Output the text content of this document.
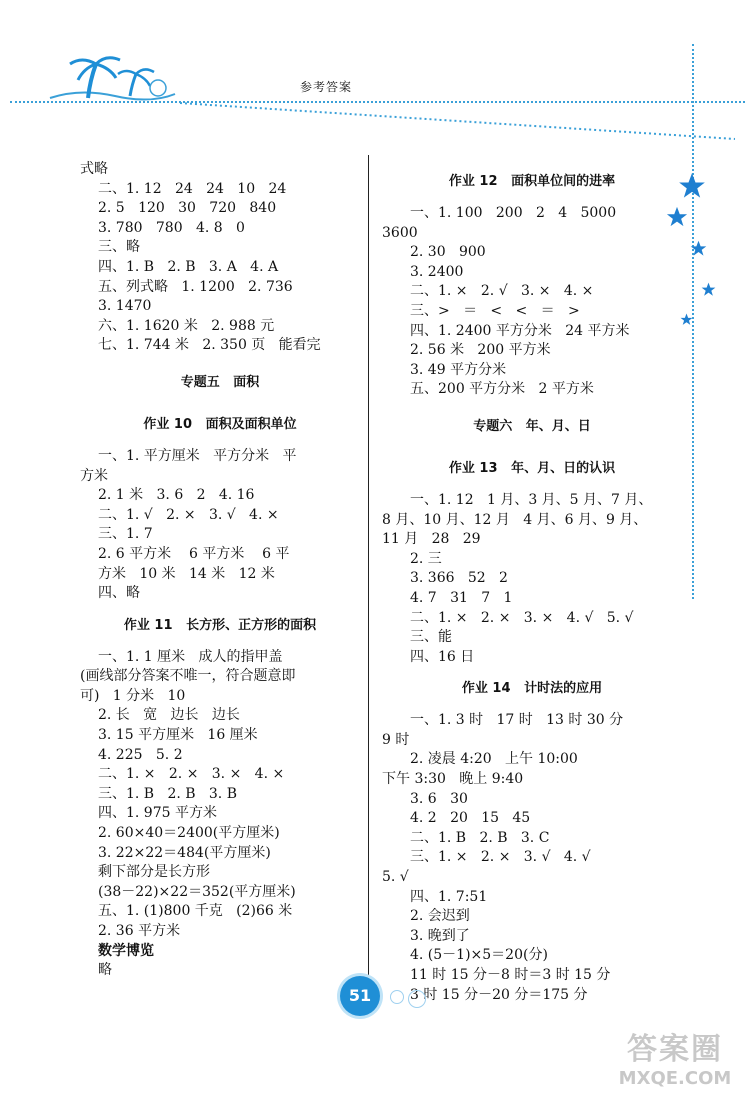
参考答案
式略
二、1. 12   24   24   10   24
2. 5   120   30   720   840
3. 780   780   4. 8   0
三、略
四、1. B   2. B   3. A   4. A
五、列式略   1. 1200   2. 736
3. 1470
六、1. 1620 米   2. 988 元
七、1. 744 米   2. 350 页   能看完
专题五   面积
作业 10   面积及面积单位
一、1. 平方厘米   平方分米   平
方米
2. 1 米   3. 6   2   4. 16
二、1. √   2. ×   3. √   4. ×
三、1. 7
2. 6 平方米    6 平方米    6 平
方米   10 米   14 米   12 米
四、略
作业 11   长方形、正方形的面积
一、1. 1 厘米   成人的指甲盖
(画线部分答案不唯一，符合题意即
可)   1 分米   10
2. 长   宽   边长   边长
3. 15 平方厘米   16 厘米
4. 225   5. 2
二、1. ×   2. ×   3. ×   4. ×
三、1. B   2. B   3. B
四、1. 975 平方米
2. 60×40＝2400(平方厘米)
3. 22×22＝484(平方厘米)
剩下部分是长方形
(38－22)×22＝352(平方厘米)
五、1. (1)800 千克   (2)66 米
2. 36 平方米
数学博览
略
作业 12   面积单位间的进率
一、1. 100   200   2   4   5000
3600
2. 30   900
3. 2400
二、1. ×   2. √   3. ×   4. ×
三、>   ＝   <   <   ＝   >
四、1. 2400 平方分米   24 平方米
2. 56 米   200 平方米
3. 49 平方分米
五、200 平方分米   2 平方米
专题六   年、月、日
作业 13   年、月、日的认识
一、1. 12   1 月、3 月、5 月、7 月、
8 月、10 月、12 月   4 月、6 月、9 月、
11 月   28   29
2. 三
3. 366   52   2
4. 7   31   7   1
二、1. ×   2. ×   3. ×   4. √   5. √
三、能
四、16 日
作业 14   计时法的应用
一、1. 3 时   17 时   13 时 30 分
9 时
2. 凌晨 4:20   上午 10:00
下午 3:30   晚上 9:40
3. 6   30
4. 2   20   15   45
二、1. B   2. B   3. C
三、1. ×   2. ×   3. √   4. √
5. √
四、1. 7:51
2. 会迟到
3. 晚到了
4. (5－1)×5＝20(分)
11 时 15 分－8 时＝3 时 15 分
3 时 15 分－20 分＝175 分
51
答案圈
MXQE.COM
